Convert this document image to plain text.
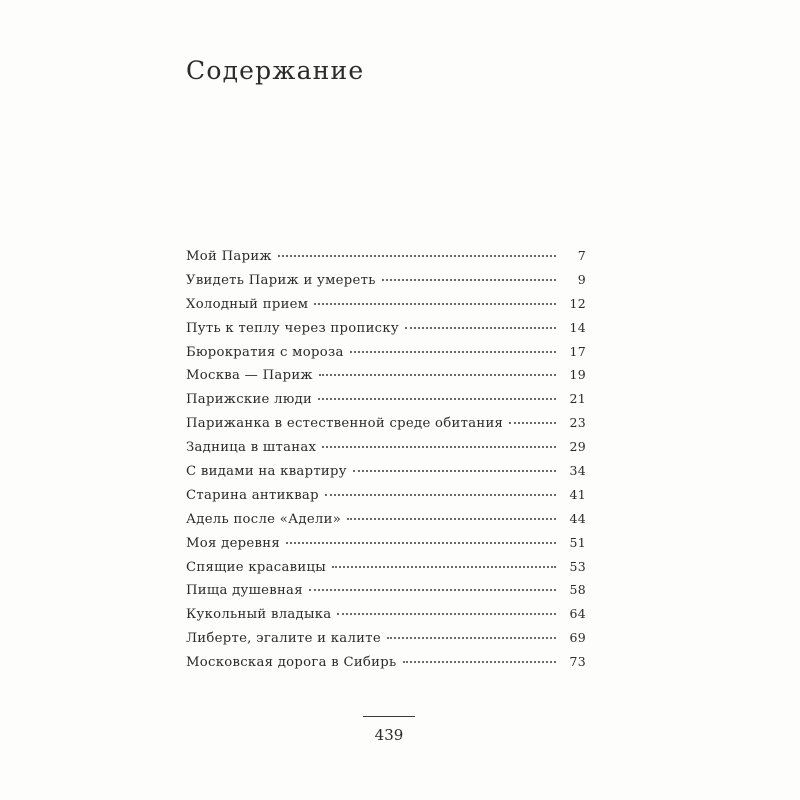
Содержание
Мой Париж	7
Увидеть Париж и умереть	9
Холодный прием	12
Путь к теплу через прописку	14
Бюрократия с мороза	17
Москва — Париж	19
Парижские люди	21
Парижанка в естественной среде обитания	23
Задница в штанах	29
С видами на квартиру	34
Старина антиквар	41
Адель после «Адели»	44
Моя деревня	51
Спящие красавицы	53
Пища душевная	58
Кукольный владыка	64
Либерте, эгалите и калите	69
Московская дорога в Сибирь	73
439
